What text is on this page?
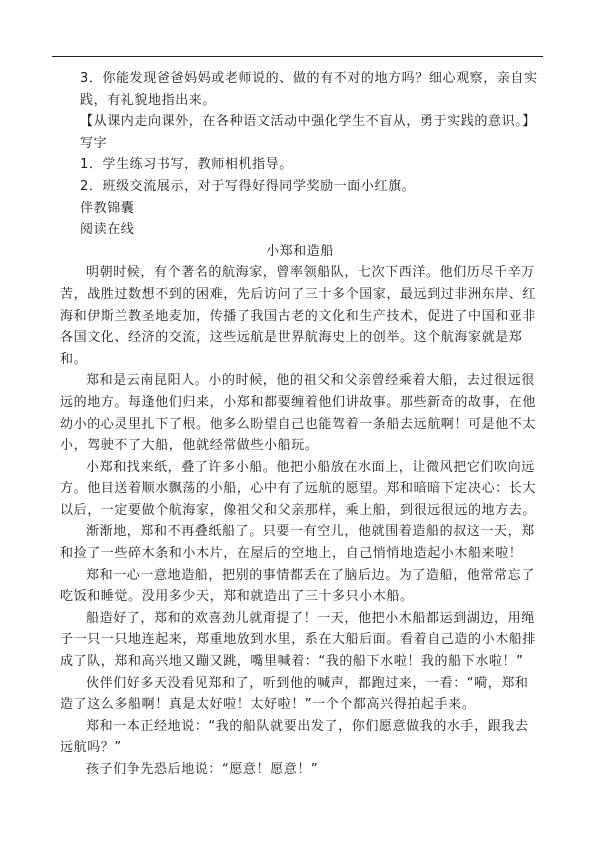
3．你能发现爸爸妈妈或老师说的、做的有不对的地方吗？细心观察，亲自实践，有礼貌地指出来。

【从课内走向课外，在各种语文活动中强化学生不盲从，勇于实践的意识。】

写字

1．学生练习书写，教师相机指导。

2．班级交流展示，对于写得好得同学奖励一面小红旗。

伴教锦囊

阅读在线

小郑和造船

明朝时候，有个著名的航海家，曾率领船队，七次下西洋。他们历尽千辛万苦，战胜过数想不到的困难，先后访问了三十多个国家，最远到过非洲东岸、红海和伊斯兰教圣地麦加，传播了我国古老的文化和生产技术，促进了中国和亚非各国文化、经济的交流，这些远航是世界航海史上的创举。这个航海家就是郑和。

郑和是云南昆阳人。小的时候，他的祖父和父亲曾经乘着大船，去过很远很远的地方。每逢他们归来，小郑和都要缠着他们讲故事。那些新奇的故事，在他幼小的心灵里扎下了根。他多么盼望自己也能驾着一条船去远航啊！可是他不太小，驾驶不了大船，他就经常做些小船玩。

小郑和找来纸，叠了许多小船。他把小船放在水面上，让微风把它们吹向远方。他目送着顺水飘荡的小船，心中有了远航的愿望。郑和暗暗下定决心：长大以后，一定要做个航海家，像祖父和父亲那样，乘上船，到很远很远的地方去。

渐渐地，郑和不再叠纸船了。只要一有空儿，他就围着造船的叔这一天，郑和捡了一些碎木条和小木片，在屋后的空地上，自己悄悄地造起小木船来啦！

郑和一心一意地造船，把别的事情都丢在了脑后边。为了造船，他常常忘了吃饭和睡觉。没用多少天，郑和就造出了三十多只小木船。

船造好了，郑和的欢喜劲儿就甭提了！一天，他把小木船都运到湖边，用绳子一只一只地连起来，郑重地放到水里，系在大船后面。看着自己造的小木船排成了队，郑和高兴地又蹦又跳，嘴里喊着：“我的船下水啦！我的船下水啦！”

伙伴们好多天没看见郑和了，听到他的喊声，都跑过来，一看：“嗬，郑和造了这么多船啊！真是太好啦！太好啦！”一个个都高兴得拍起手来。

郑和一本正经地说：“我的船队就要出发了，你们愿意做我的水手，跟我去远航吗？”

孩子们争先恐后地说：“愿意！愿意！”
